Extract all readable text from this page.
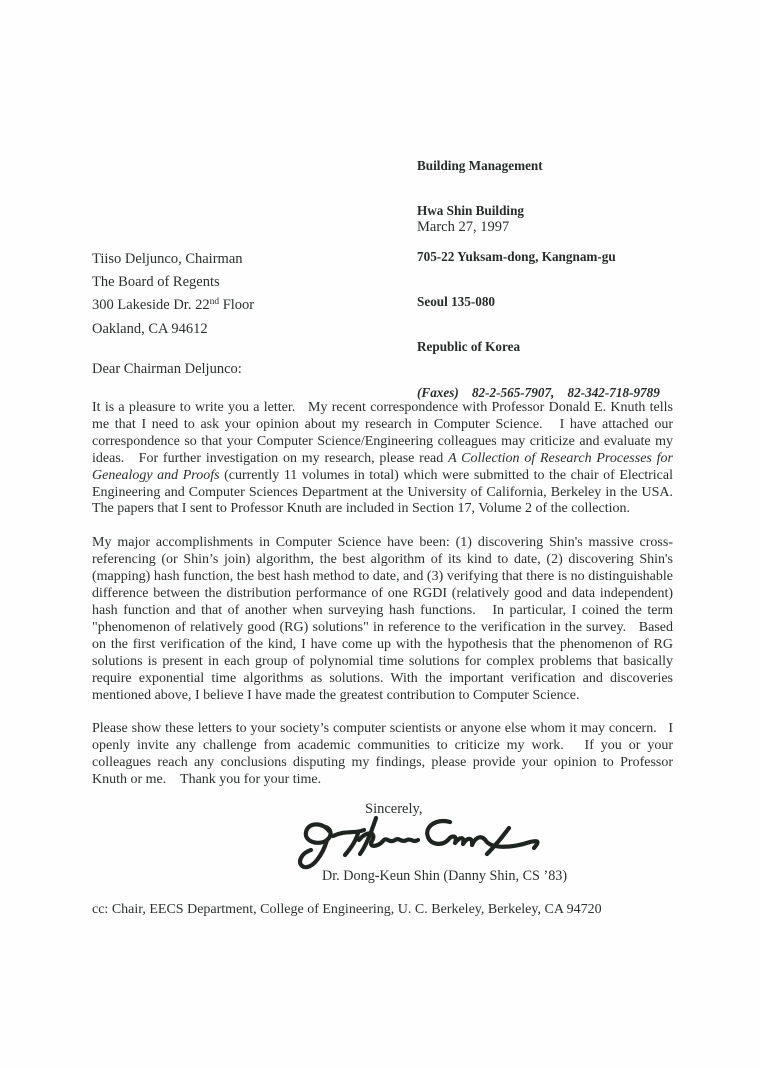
Building Management

Hwa Shin Building

705-22 Yuksam-dong, Kangnam-gu

Seoul 135-080

Republic of Korea

(Faxes)    82-2-565-7907,    82-342-718-9789

March 27, 1997
Tiiso Deljunco, Chairman
The Board of Regents
300 Lakeside Dr. 22nd Floor
Oakland, CA 94612
Dear Chairman Deljunco:

It is a pleasure to write you a letter.   My recent correspondence with Professor Donald E. Knuth tells me that I need to ask your opinion about my research in Computer Science.   I have attached our correspondence so that your Computer Science/Engineering colleagues may criticize and evaluate my ideas.   For further investigation on my research, please read A Collection of Research Processes for Genealogy and Proofs (currently 11 volumes in total) which were submitted to the chair of Electrical Engineering and Computer Sciences Department at the University of California, Berkeley in the USA. The papers that I sent to Professor Knuth are included in Section 17, Volume 2 of the collection.

My major accomplishments in Computer Science have been: (1) discovering Shin's massive cross-referencing (or Shin’s join) algorithm, the best algorithm of its kind to date, (2) discovering Shin's (mapping) hash function, the best hash method to date, and (3) verifying that there is no distinguishable difference between the distribution performance of one RGDI (relatively good and data independent) hash function and that of another when surveying hash functions.   In particular, I coined the term "phenomenon of relatively good (RG) solutions" in reference to the verification in the survey.   Based on the first verification of the kind, I have come up with the hypothesis that the phenomenon of RG solutions is present in each group of polynomial time solutions for complex problems that basically require exponential time algorithms as solutions. With the important verification and discoveries mentioned above, I believe I have made the greatest contribution to Computer Science.

Please show these letters to your society’s computer scientists or anyone else whom it may concern.   I openly invite any challenge from academic communities to criticize my work.   If you or your colleagues reach any conclusions disputing my findings, please provide your opinion to Professor Knuth or me.    Thank you for your time.

Sincerely,
Dr. Dong-Keun Shin (Danny Shin, CS ’83)
cc: Chair, EECS Department, College of Engineering, U. C. Berkeley, Berkeley, CA 94720
